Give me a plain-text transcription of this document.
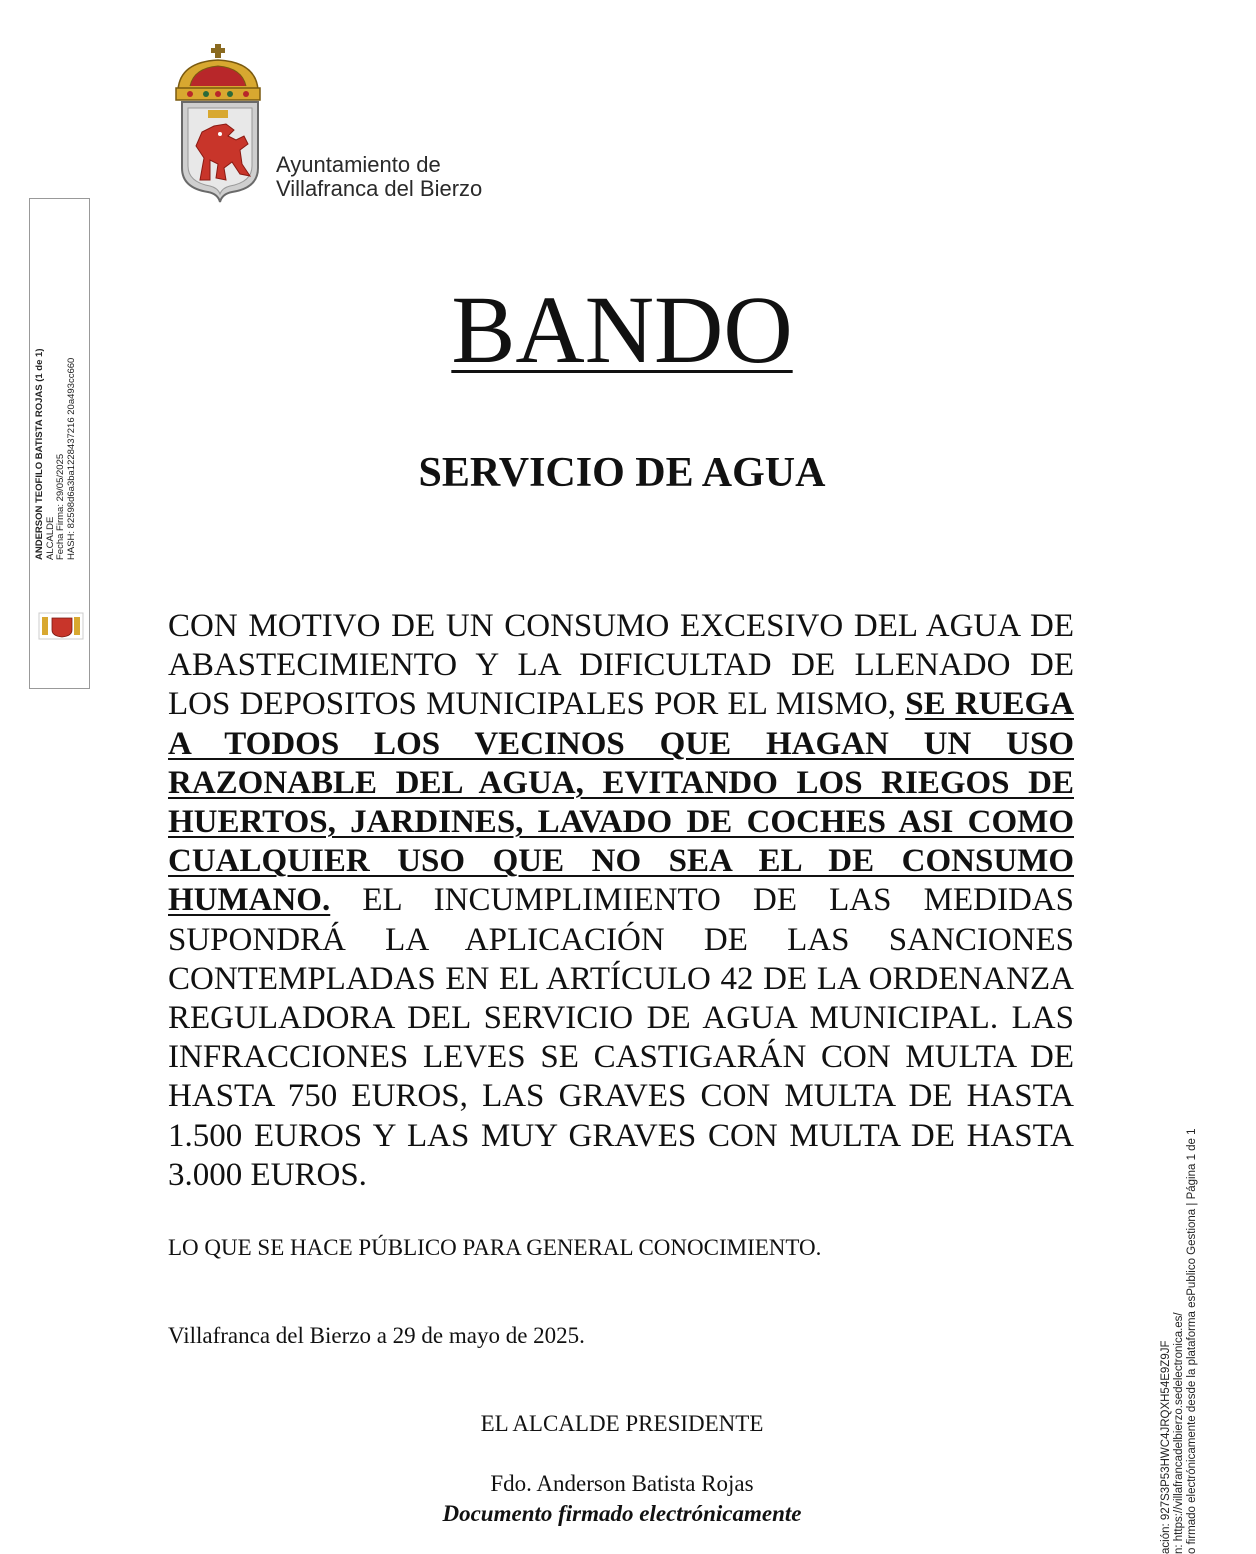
Ayuntamiento de
Villafranca del Bierzo
ANDERSON TEOFILO BATISTA ROJAS (1 de 1) ALCALDE Fecha Firma: 29/05/2025 HASH: 82598d6a3ba1228437216 20a493cc660
ación: 927S3P53HWC4JRQXH54E9Z9JF n: https://villafrancadelbierzo.sedelectronica.es/ o firmado electrónicamente desde la plataforma esPublico Gestiona | Página 1 de 1
BANDO
SERVICIO DE AGUA
CON MOTIVO DE UN CONSUMO EXCESIVO DEL AGUA DE ABASTECIMIENTO Y LA DIFICULTAD DE LLENADO DE LOS DEPOSITOS MUNICIPALES POR EL MISMO, SE RUEGA A TODOS LOS VECINOS QUE HAGAN UN USO RAZONABLE DEL AGUA, EVITANDO LOS RIEGOS DE HUERTOS, JARDINES, LAVADO DE COCHES ASI COMO CUALQUIER USO QUE NO SEA EL DE CONSUMO HUMANO. EL INCUMPLIMIENTO DE LAS MEDIDAS SUPONDRÁ LA APLICACIÓN DE LAS SANCIONES CONTEMPLADAS EN EL ARTÍCULO 42 DE LA ORDENANZA REGULADORA DEL SERVICIO DE AGUA MUNICIPAL. LAS INFRACCIONES LEVES SE CASTIGARÁN CON MULTA DE HASTA 750 EUROS, LAS GRAVES CON MULTA DE HASTA 1.500 EUROS Y LAS MUY GRAVES CON MULTA DE HASTA 3.000 EUROS.
LO QUE SE HACE PÚBLICO PARA GENERAL CONOCIMIENTO.
Villafranca del Bierzo a 29 de mayo de 2025.
EL ALCALDE PRESIDENTE
Fdo. Anderson Batista Rojas
Documento firmado electrónicamente
